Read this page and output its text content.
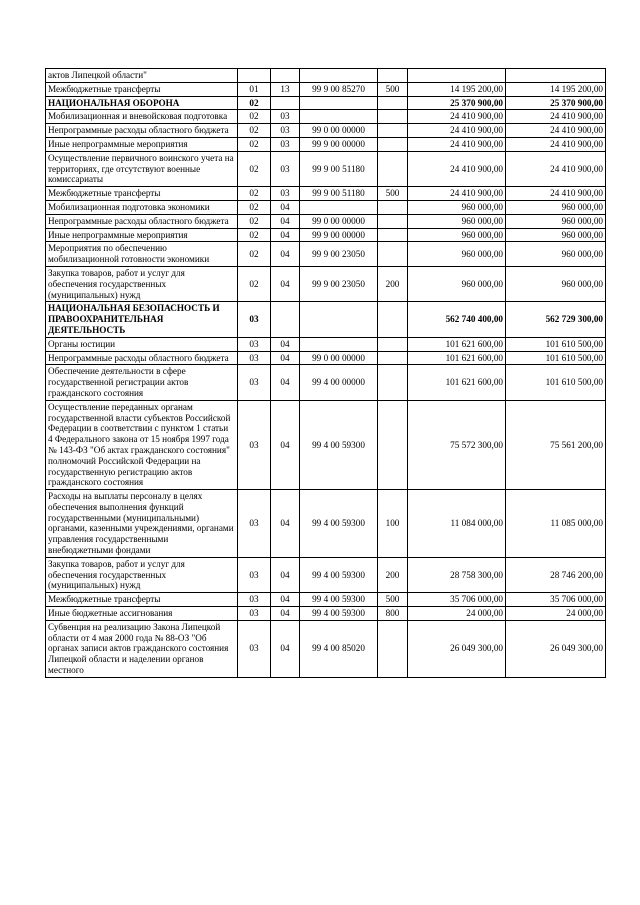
актов Липецкой области"						
Межбюджетные трансферты	01	13	99 9 00 85270	500	14 195 200,00	14 195 200,00
НАЦИОНАЛЬНАЯ ОБОРОНА	02				25 370 900,00	25 370 900,00
Мобилизационная и вневойсковая подготовка	02	03			24 410 900,00	24 410 900,00
Непрограммные расходы областного бюджета	02	03	99 0 00 00000		24 410 900,00	24 410 900,00
Иные непрограммные мероприятия	02	03	99 9 00 00000		24 410 900,00	24 410 900,00
Осуществление первичного воинского учета на территориях, где отсутствуют военные комиссариаты	02	03	99 9 00 51180		24 410 900,00	24 410 900,00
Межбюджетные трансферты	02	03	99 9 00 51180	500	24 410 900,00	24 410 900,00
Мобилизационная подготовка экономики	02	04			960 000,00	960 000,00
Непрограммные расходы областного бюджета	02	04	99 0 00 00000		960 000,00	960 000,00
Иные непрограммные мероприятия	02	04	99 9 00 00000		960 000,00	960 000,00
Мероприятия по обеспечению мобилизационной готовности экономики	02	04	99 9 00 23050		960 000,00	960 000,00
Закупка товаров, работ и услуг для обеспечения государственных (муниципальных) нужд	02	04	99 9 00 23050	200	960 000,00	960 000,00
НАЦИОНАЛЬНАЯ БЕЗОПАСНОСТЬ И ПРАВООХРАНИТЕЛЬНАЯ ДЕЯТЕЛЬНОСТЬ	03				562 740 400,00	562 729 300,00
Органы юстиции	03	04			101 621 600,00	101 610 500,00
Непрограммные расходы областного бюджета	03	04	99 0 00 00000		101 621 600,00	101 610 500,00
Обеспечение деятельности в сфере государственной регистрации актов гражданского состояния	03	04	99 4 00 00000		101 621 600,00	101 610 500,00
Осуществление переданных органам государственной власти субъектов Российской Федерации в соответствии с пунктом 1 статьи 4 Федерального закона от 15 ноября 1997 года № 143-ФЗ "Об актах гражданского состояния" полномочий Российской Федерации на государственную регистрацию актов гражданского состояния	03	04	99 4 00 59300		75 572 300,00	75 561 200,00
Расходы на выплаты персоналу в целях обеспечения выполнения функций государственными (муниципальными) органами, казенными учреждениями, органами управления государственными внебюджетными фондами	03	04	99 4 00 59300	100	11 084 000,00	11 085 000,00
Закупка товаров, работ и услуг для обеспечения государственных (муниципальных) нужд	03	04	99 4 00 59300	200	28 758 300,00	28 746 200,00
Межбюджетные трансферты	03	04	99 4 00 59300	500	35 706 000,00	35 706 000,00
Иные бюджетные ассигнования	03	04	99 4 00 59300	800	24 000,00	24 000,00
Субвенция на реализацию Закона Липецкой области от 4 мая 2000 года № 88-ОЗ "Об органах записи актов гражданского состояния Липецкой области и наделении органов местного	03	04	99 4 00 85020		26 049 300,00	26 049 300,00
